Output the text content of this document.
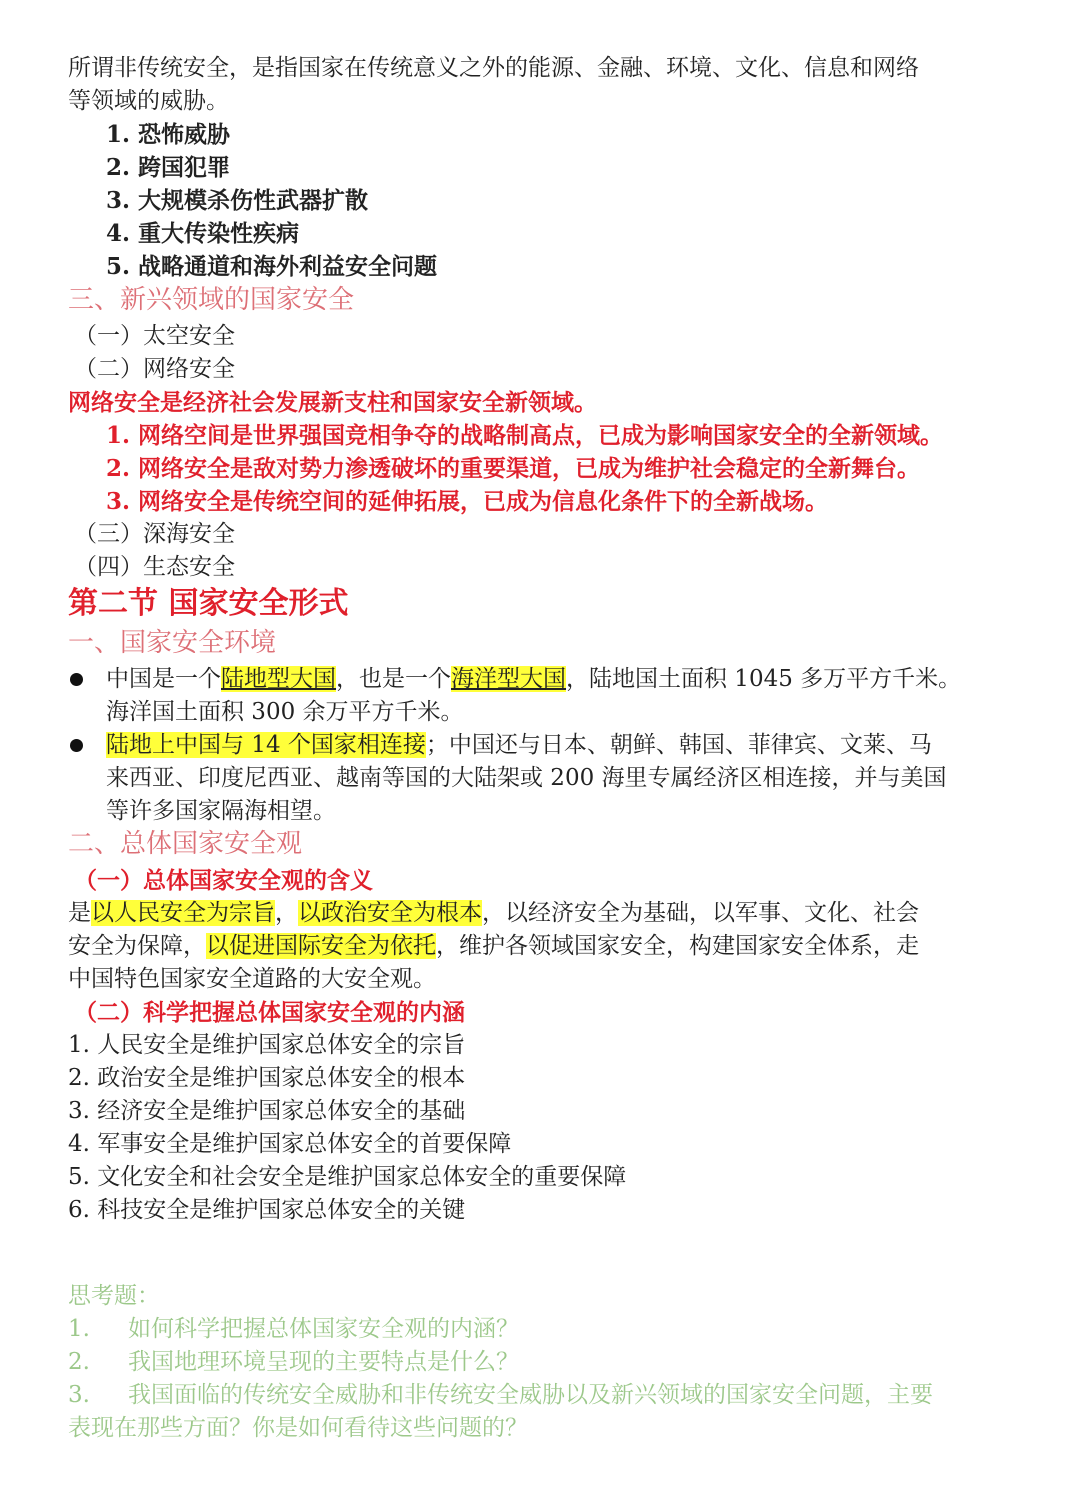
所谓非传统安全，是指国家在传统意义之外的能源、金融、环境、文化、信息和网络
等领域的威胁。
1. 恐怖威胁
2. 跨国犯罪
3. 大规模杀伤性武器扩散
4. 重大传染性疾病
5. 战略通道和海外利益安全问题
三、新兴领域的国家安全
（一）太空安全
（二）网络安全
网络安全是经济社会发展新支柱和国家安全新领域。
1. 网络空间是世界强国竞相争夺的战略制高点，已成为影响国家安全的全新领域。
2. 网络安全是敌对势力渗透破坏的重要渠道，已成为维护社会稳定的全新舞台。
3. 网络安全是传统空间的延伸拓展，已成为信息化条件下的全新战场。
（三）深海安全
（四）生态安全
第二节 国家安全形式
一、国家安全环境
中国是一个陆地型大国，也是一个海洋型大国，陆地国土面积 1045 多万平方千米。
海洋国土面积 300 余万平方千米。
陆地上中国与 14 个国家相连接；中国还与日本、朝鲜、韩国、菲律宾、文莱、马
来西亚、印度尼西亚、越南等国的大陆架或 200 海里专属经济区相连接，并与美国
等许多国家隔海相望。
二、总体国家安全观
（一）总体国家安全观的含义
是以人民安全为宗旨，以政治安全为根本，以经济安全为基础，以军事、文化、社会
安全为保障，以促进国际安全为依托，维护各领域国家安全，构建国家安全体系，走
中国特色国家安全道路的大安全观。
（二）科学把握总体国家安全观的内涵
1. 人民安全是维护国家总体安全的宗旨
2. 政治安全是维护国家总体安全的根本
3. 经济安全是维护国家总体安全的基础
4. 军事安全是维护国家总体安全的首要保障
5. 文化安全和社会安全是维护国家总体安全的重要保障
6. 科技安全是维护国家总体安全的关键
思考题：
1. 如何科学把握总体国家安全观的内涵？
2. 我国地理环境呈现的主要特点是什么？
3. 我国面临的传统安全威胁和非传统安全威胁以及新兴领域的国家安全问题，主要
表现在那些方面？你是如何看待这些问题的？
